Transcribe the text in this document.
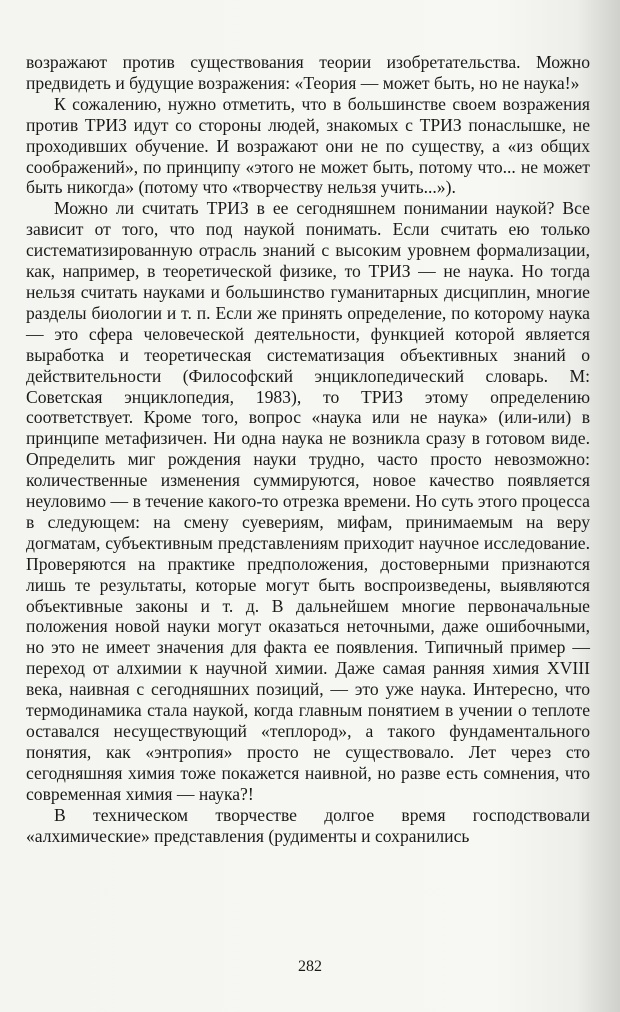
возражают против существования теории изобретательства. Можно предвидеть и будущие возражения: «Теория — может быть, но не наука!»

К сожалению, нужно отметить, что в большинстве своем возражения против ТРИЗ идут со стороны людей, знакомых с ТРИЗ понаслышке, не проходивших обучение. И возражают они не по существу, а «из общих соображений», по принципу «этого не может быть, потому что... не может быть никогда» (потому что «творчеству нельзя учить...»).

Можно ли считать ТРИЗ в ее сегодняшнем понимании наукой? Все зависит от того, что под наукой понимать. Если считать ею только систематизированную отрасль знаний с высоким уровнем формализации, как, например, в теоретической физике, то ТРИЗ — не наука. Но тогда нельзя считать науками и большинство гуманитарных дисциплин, многие разделы биологии и т. п. Если же принять определение, по которому наука — это сфера человеческой деятельности, функцией которой является выработка и теоретическая систематизация объективных знаний о действительности (Философский энциклопедический словарь. М: Советская энциклопедия, 1983), то ТРИЗ этому определению соответствует. Кроме того, вопрос «наука или не наука» (или-или) в принципе метафизичен. Ни одна наука не возникла сразу в готовом виде. Определить миг рождения науки трудно, часто просто невозможно: количественные изменения суммируются, новое качество появляется неуловимо — в течение какого-то отрезка времени. Но суть этого процесса в следующем: на смену суевериям, мифам, принимаемым на веру догматам, субъективным представлениям приходит научное исследование. Проверяются на практике предположения, достоверными признаются лишь те результаты, которые могут быть воспроизведены, выявляются объективные законы и т. д. В дальнейшем многие первоначальные положения новой науки могут оказаться неточными, даже ошибочными, но это не имеет значения для факта ее появления. Типичный пример — переход от алхимии к научной химии. Даже самая ранняя химия XVIII века, наивная с сегодняшних позиций, — это уже наука. Интересно, что термодинамика стала наукой, когда главным понятием в учении о теплоте оставался несуществующий «теплород», а такого фундаментального понятия, как «энтропия» просто не существовало. Лет через сто сегодняшняя химия тоже покажется наивной, но разве есть сомнения, что современная химия — наука?!

В техническом творчестве долгое время господствовали «алхимические» представления (рудименты и сохранились

282
